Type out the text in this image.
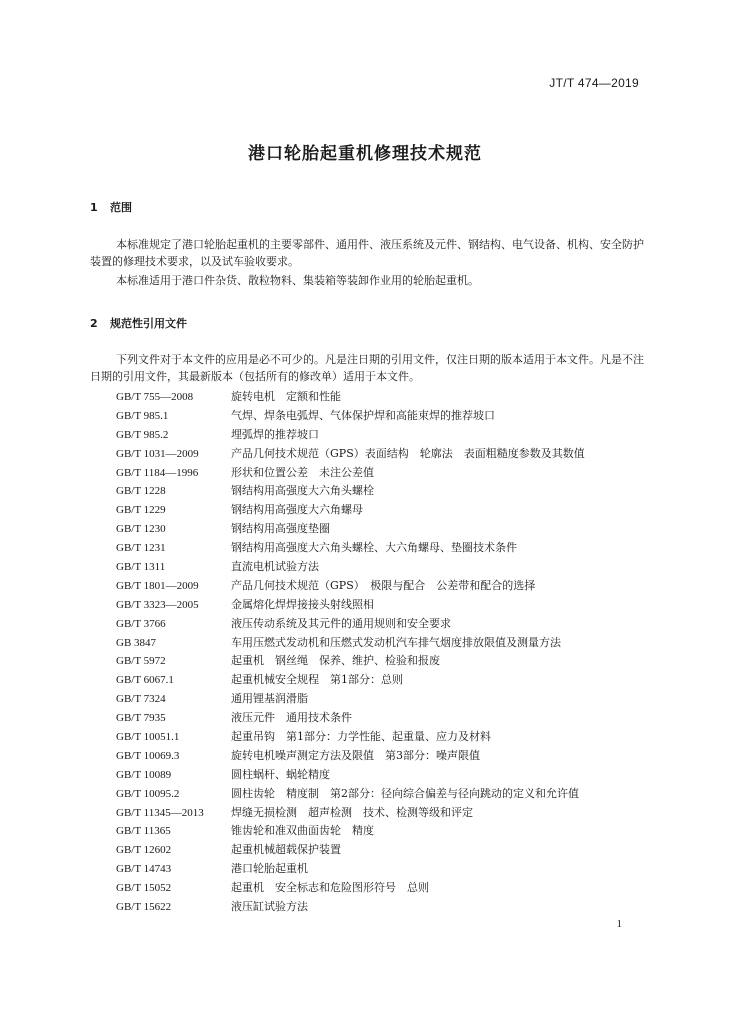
JT/T 474—2019
港口轮胎起重机修理技术规范
1 范围

本标准规定了港口轮胎起重机的主要零部件、通用件、液压系统及元件、钢结构、电气设备、机构、安全防护装置的修理技术要求，以及试车验收要求。

本标准适用于港口件杂货、散粒物料、集装箱等装卸作业用的轮胎起重机。

2 规范性引用文件

下列文件对于本文件的应用是必不可少的。凡是注日期的引用文件，仅注日期的版本适用于本文件。凡是不注日期的引用文件，其最新版本（包括所有的修改单）适用于本文件。

GB/T 755—2008	旋转电机　定额和性能
GB/T 985.1	气焊、焊条电弧焊、气体保护焊和高能束焊的推荐坡口
GB/T 985.2	埋弧焊的推荐坡口
GB/T 1031—2009	产品几何技术规范（GPS）表面结构　轮廓法　表面粗糙度参数及其数值
GB/T 1184—1996	形状和位置公差　未注公差值
GB/T 1228	钢结构用高强度大六角头螺栓
GB/T 1229	钢结构用高强度大六角螺母
GB/T 1230	钢结构用高强度垫圈
GB/T 1231	钢结构用高强度大六角头螺栓、大六角螺母、垫圈技术条件
GB/T 1311	直流电机试验方法
GB/T 1801—2009	产品几何技术规范（GPS）　极限与配合　公差带和配合的选择
GB/T 3323—2005	金属熔化焊焊接接头射线照相
GB/T 3766	液压传动系统及其元件的通用规则和安全要求
GB 3847	车用压燃式发动机和压燃式发动机汽车排气烟度排放限值及测量方法
GB/T 5972	起重机　钢丝绳　保养、维护、检验和报废
GB/T 6067.1	起重机械安全规程　第1部分：总则
GB/T 7324	通用锂基润滑脂
GB/T 7935	液压元件　通用技术条件
GB/T 10051.1	起重吊钩　第1部分：力学性能、起重量、应力及材料
GB/T 10069.3	旋转电机噪声测定方法及限值　第3部分：噪声限值
GB/T 10089	圆柱蜗杆、蜗轮精度
GB/T 10095.2	圆柱齿轮　精度制　第2部分：径向综合偏差与径向跳动的定义和允许值
GB/T 11345—2013	焊缝无损检测　超声检测　技术、检测等级和评定
GB/T 11365	锥齿轮和准双曲面齿轮　精度
GB/T 12602	起重机械超载保护装置
GB/T 14743	港口轮胎起重机
GB/T 15052	起重机　安全标志和危险图形符号　总则
GB/T 15622	液压缸试验方法
1
